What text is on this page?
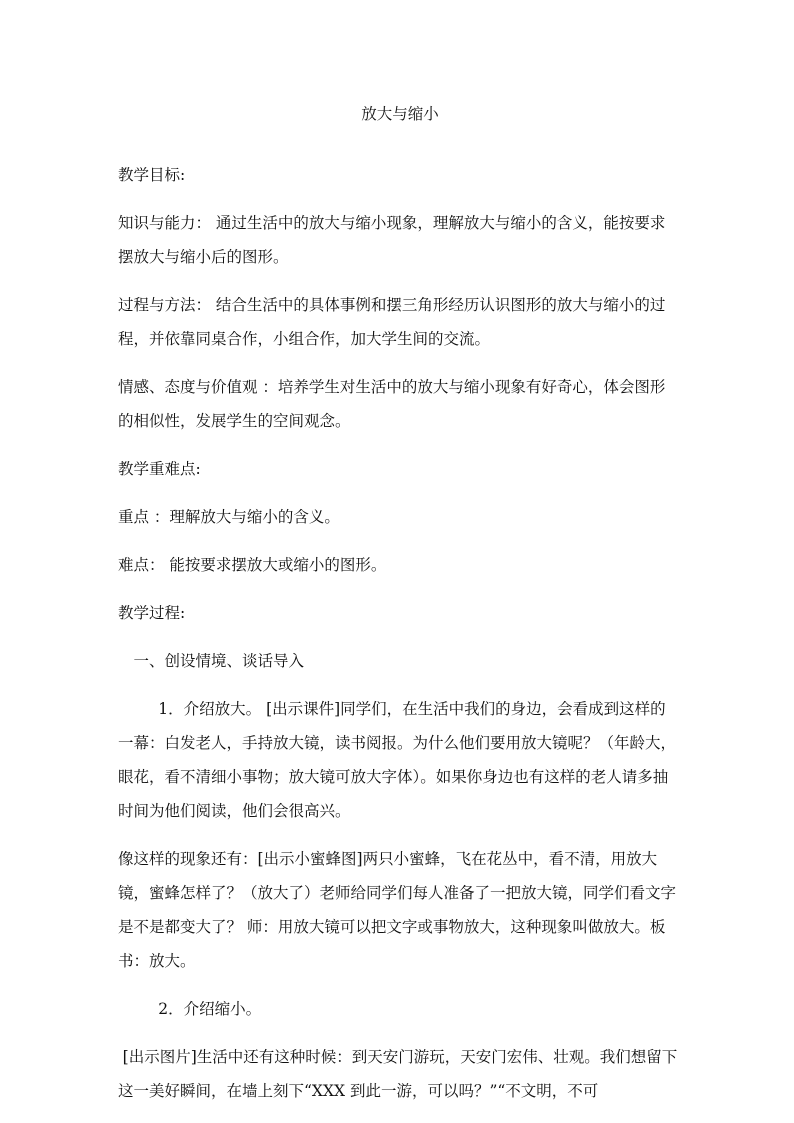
放大与缩小

教学目标:

知识与能力： 通过生活中的放大与缩小现象，理解放大与缩小的含义，能按要求摆放大与缩小后的图形。

过程与方法： 结合生活中的具体事例和摆三角形经历认识图形的放大与缩小的过程，并依靠同桌合作，小组合作，加大学生间的交流。

情感、态度与价值观 ：培养学生对生活中的放大与缩小现象有好奇心，体会图形的相似性，发展学生的空间观念。

教学重难点:

重点 ：理解放大与缩小的含义。

难点： 能按要求摆放大或缩小的图形。

教学过程:

一、创设情境、谈话导入

1．介绍放大。 [出示课件]同学们，在生活中我们的身边，会看成到这样的一幕：白发老人，手持放大镜，读书阅报。为什么他们要用放大镜呢？（年龄大，眼花，看不清细小事物；放大镜可放大字体）。如果你身边也有这样的老人请多抽时间为他们阅读，他们会很高兴。

像这样的现象还有：[出示小蜜蜂图]两只小蜜蜂，飞在花丛中，看不清，用放大镜，蜜蜂怎样了？（放大了）老师给同学们每人准备了一把放大镜，同学们看文字是不是都变大了？ 师：用放大镜可以把文字或事物放大，这种现象叫做放大。板书：放大。

2．介绍缩小。

[出示图片]生活中还有这种时候：到天安门游玩，天安门宏伟、壮观。我们想留下这一美好瞬间，在墙上刻下“XXX 到此一游，可以吗？”“不文明，不可
